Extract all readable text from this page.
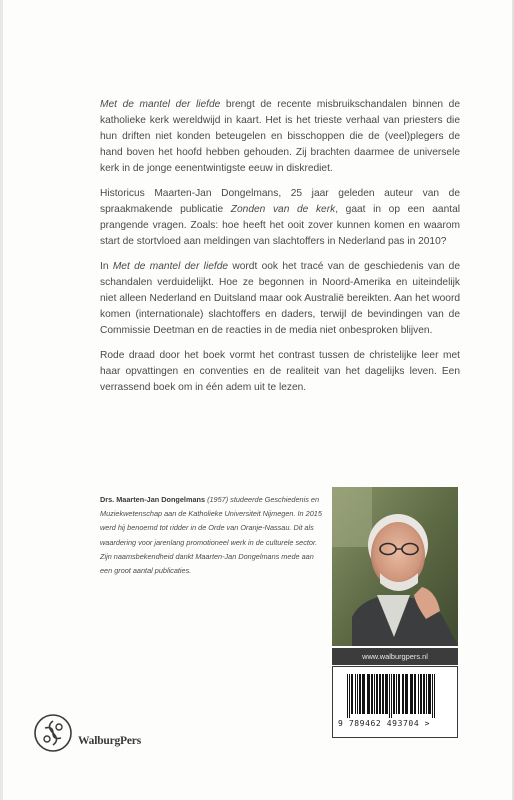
Met de mantel der liefde brengt de recente misbruikschandalen binnen de katholieke kerk wereldwijd in kaart. Het is het trieste verhaal van priesters die hun driften niet konden beteugelen en bisschoppen die de (veel)plegers de hand boven het hoofd hebben gehouden. Zij brachten daarmee de universele kerk in de jonge eenentwintigste eeuw in diskrediet.

Historicus Maarten-Jan Dongelmans, 25 jaar geleden auteur van de spraakmakende publicatie Zonden van de kerk, gaat in op een aantal prangende vragen. Zoals: hoe heeft het ooit zover kunnen komen en waarom start de stortvloed aan meldingen van slachtoffers in Nederland pas in 2010?

In Met de mantel der liefde wordt ook het tracé van de geschiedenis van de schandalen verduidelijkt. Hoe ze begonnen in Noord-Amerika en uiteindelijk niet alleen Nederland en Duitsland maar ook Australië bereikten. Aan het woord komen (internationale) slachtoffers en daders, terwijl de bevindingen van de Commissie Deetman en de reacties in de media niet onbesproken blijven.

Rode draad door het boek vormt het contrast tussen de christelijke leer met haar opvattingen en conventies en de realiteit van het dagelijks leven. Een verrassend boek om in één adem uit te lezen.

Drs. Maarten-Jan Dongelmans (1957) studeerde Geschiedenis en Muziekwetenschap aan de Katholieke Universiteit Nijmegen. In 2015 werd hij benoemd tot ridder in de Orde van Oranje-Nassau. Dit als waardering voor jarenlang promotioneel werk in de culturele sector. Zijn naamsbekendheid dankt Maarten-Jan Dongelmans mede aan een groot aantal publicaties.
www.walburgpers.nl
9 789462 493704 >
WalburgPers
